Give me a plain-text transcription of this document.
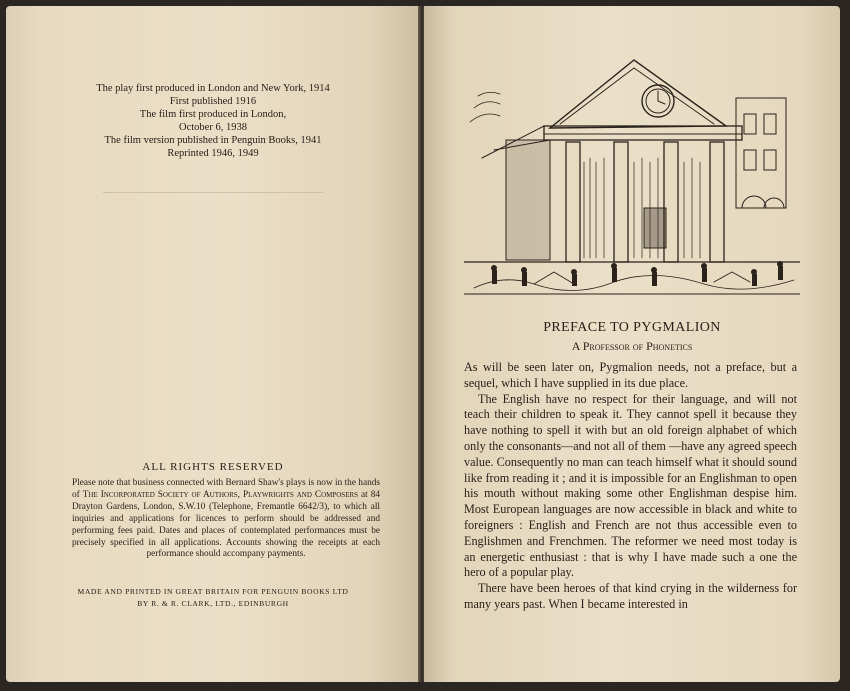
The play first produced in London and New York, 1914
First published 1916
The film first produced in London,
October 6, 1938
The film version published in Penguin Books, 1941
Reprinted 1946, 1949
ALL RIGHTS RESERVED
Please note that business connected with Bernard Shaw's plays is now in the hands of The Incorporated Society of Authors, Playwrights and Composers at 84 Drayton Gardens, London, S.W.10 (Telephone, Fremantle 6642/3), to which all inquiries and applications for licences to perform should be addressed and performing fees paid. Dates and places of contemplated performances must be precisely specified in all applications. Accounts showing the receipts at each performance should accompany payments.
MADE AND PRINTED IN GREAT BRITAIN FOR PENGUIN BOOKS LTD
BY R. & R. CLARK, LTD., EDINBURGH
PREFACE TO PYGMALION
A Professor of Phonetics

As will be seen later on, Pygmalion needs, not a preface, but a sequel, which I have supplied in its due place.

The English have no respect for their language, and will not teach their children to speak it. They cannot spell it because they have nothing to spell it with but an old foreign alphabet of which only the consonants—and not all of them —have any agreed speech value. Consequently no man can teach himself what it should sound like from reading it ; and it is impossible for an Englishman to open his mouth without making some other Englishman despise him. Most European languages are now accessible in black and white to foreigners : English and French are not thus accessible even to Englishmen and Frenchmen. The reformer we need most today is an energetic enthusiast : that is why I have made such a one the hero of a popular play.

There have been heroes of that kind crying in the wilderness for many years past. When I became interested in
